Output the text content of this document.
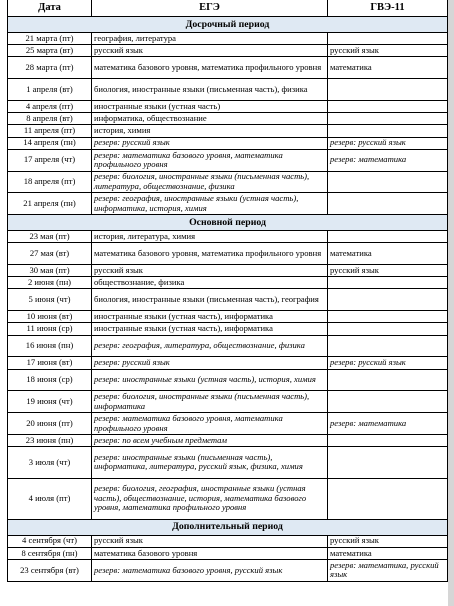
Дата	ЕГЭ	ГВЭ-11
Досрочный период		
21 марта (пт)	география, литература	
25 марта (вт)	русский язык	русский язык
28 марта (пт)	математика базового уровня, математика профильного уровня	математика
1 апреля (вт)	биология, иностранные языки (письменная часть), физика	
4 апреля (пт)	иностранные языки (устная часть)	
8 апреля (вт)	информатика, обществознание	
11 апреля (пт)	история, химия	
14 апреля (пн)	резерв: русский язык	резерв: русский язык
17 апреля (чт)	резерв: математика базового уровня, математика профильного уровня	резерв: математика
18 апреля (пт)	резерв: биология, иностранные языки (письменная часть), литература, обществознание, физика	
21 апреля (пн)	резерв: география, иностранные языки (устная часть), информатика, история, химия	
Основной период		
23 мая (пт)	история, литература, химия	
27 мая (вт)	математика базового уровня, математика профильного уровня	математика
30 мая (пт)	русский язык	русский язык
2 июня (пн)	обществознание, физика	
5 июня (чт)	биология, иностранные языки (письменная часть), география	
10 июня (вт)	иностранные языки (устная часть), информатика	
11 июня (ср)	иностранные языки (устная часть), информатика	
16 июня (пн)	резерв: география, литература, обществознание, физика	
17 июня (вт)	резерв: русский язык	резерв: русский язык
18 июня (ср)	резерв: иностранные языки (устная часть), история, химия	
19 июня (чт)	резерв: биология, иностранные языки (письменная часть), информатика	
20 июня (пт)	резерв: математика базового уровня, математика профильного уровня	резерв: математика
23 июня (пн)	резерв: по всем учебным предметам	
3 июля (чт)	резерв: иностранные языки (письменная часть), информатика, литература, русский язык, физика, химия	
4 июля (пт)	резерв: биология, география, иностранные языки (устная часть), обществознание, история, математика базового уровня, математика профильного уровня	
Дополнительный период		
4 сентября (чт)	русский язык	русский язык
8 сентября (пн)	математика базового уровня	математика
23 сентября (вт)	резерв: математика базового уровня, русский язык	резерв: математика, русский язык
